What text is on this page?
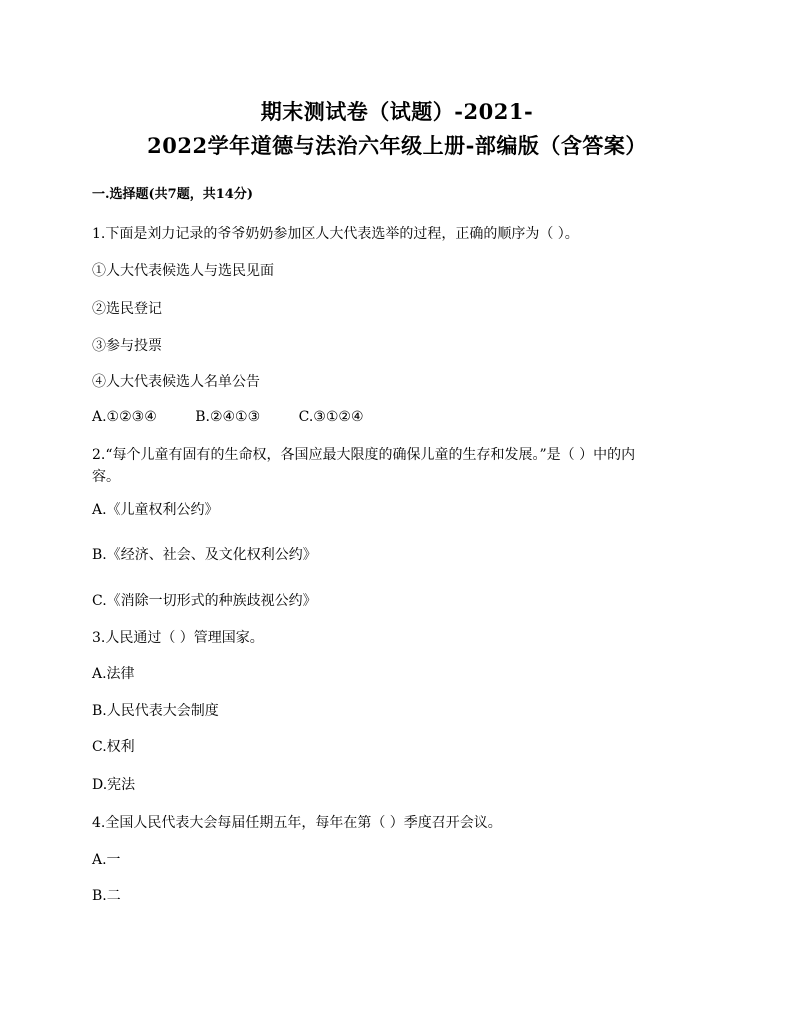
期末测试卷（试题）-2021-
2022学年道德与法治六年级上册-部编版（含答案）
一.选择题(共7题，共14分)
1.下面是刘力记录的爷爷奶奶参加区人大代表选举的过程，正确的顺序为（ ）。
①人大代表候选人与选民见面
②选民登记
③参与投票
④人大代表候选人名单公告
A.①②③④	B.②④①③	C.③①②④
2.“每个儿童有固有的生命权，各国应最大限度的确保儿童的生存和发展。”是（ ）中的内容。
A.《儿童权利公约》
B.《经济、社会、及文化权利公约》
C.《消除一切形式的种族歧视公约》
3.人民通过（ ）管理国家。
A.法律
B.人民代表大会制度
C.权利
D.宪法
4.全国人民代表大会每届任期五年，每年在第（ ）季度召开会议。
A.一
B.二
